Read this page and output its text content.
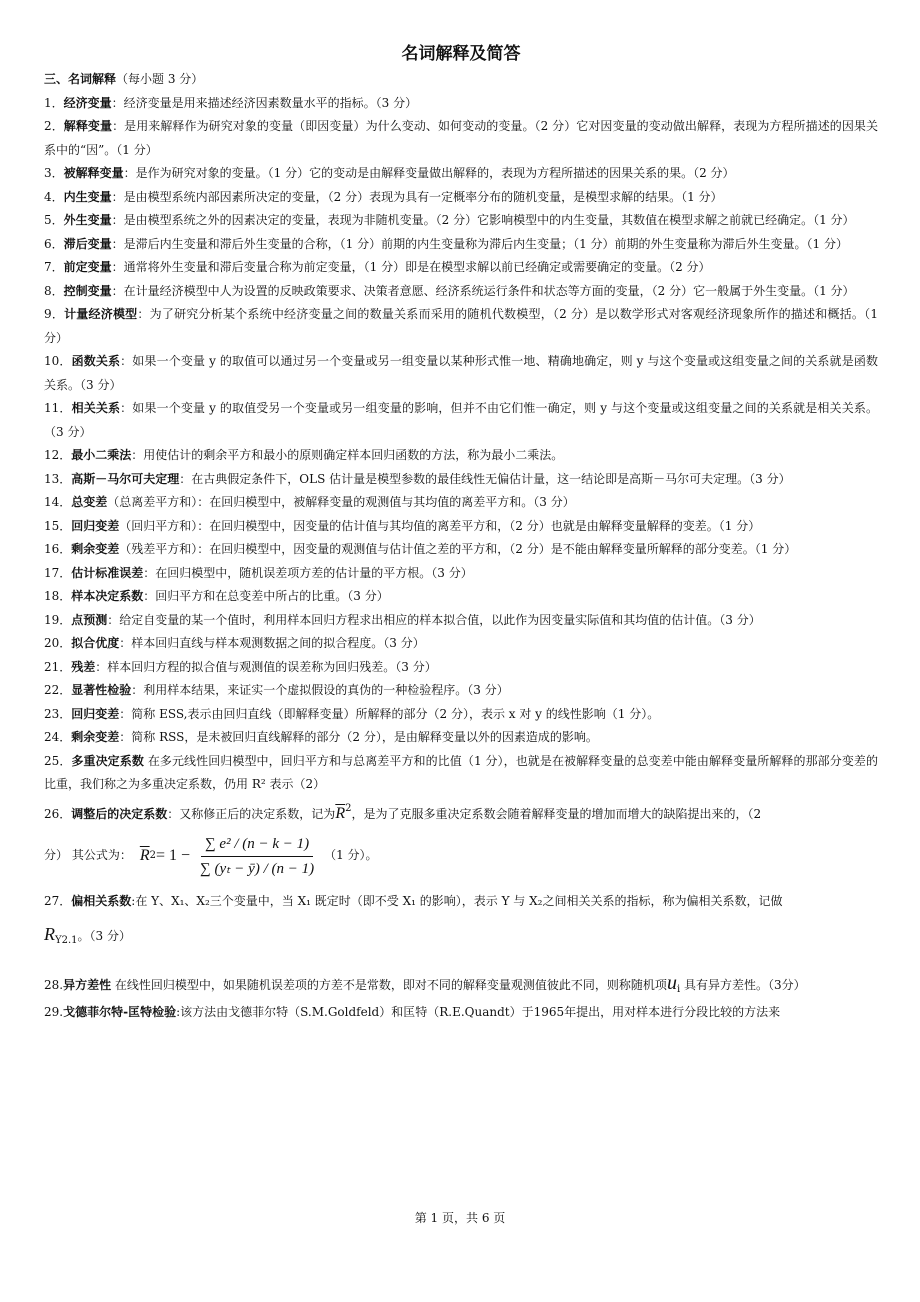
名词解释及简答
三、名词解释（每小题 3 分）
1．经济变量：经济变量是用来描述经济因素数量水平的指标。（3 分）
2．解释变量：是用来解释作为研究对象的变量（即因变量）为什么变动、如何变动的变量。（2 分）它对因变量的变动做出解释，表现为方程所描述的因果关系中的“因”。（1 分）
3．被解释变量：是作为研究对象的变量。（1 分）它的变动是由解释变量做出解释的，表现为方程所描述的因果关系的果。（2 分）
4．内生变量：是由模型系统内部因素所决定的变量，（2 分）表现为具有一定概率分布的随机变量，是模型求解的结果。（1 分）
5．外生变量：是由模型系统之外的因素决定的变量，表现为非随机变量。（2 分）它影响模型中的内生变量，其数值在模型求解之前就已经确定。（1 分）
6．滞后变量：是滞后内生变量和滞后外生变量的合称，（1 分）前期的内生变量称为滞后内生变量；（1 分）前期的外生变量称为滞后外生变量。（1 分）
7．前定变量：通常将外生变量和滞后变量合称为前定变量，（1 分）即是在模型求解以前已经确定或需要确定的变量。（2 分）
8．控制变量：在计量经济模型中人为设置的反映政策要求、决策者意愿、经济系统运行条件和状态等方面的变量，（2 分）它一般属于外生变量。（1 分）
9．计量经济模型：为了研究分析某个系统中经济变量之间的数量关系而采用的随机代数模型，（2 分）是以数学形式对客观经济现象所作的描述和概括。（1 分）
10．函数关系：如果一个变量 y 的取值可以通过另一个变量或另一组变量以某种形式惟一地、精确地确定，则 y 与这个变量或这组变量之间的关系就是函数关系。（3 分）
11．相关关系：如果一个变量 y 的取值受另一个变量或另一组变量的影响，但并不由它们惟一确定，则 y 与这个变量或这组变量之间的关系就是相关关系。（3 分）
12．最小二乘法：用使估计的剩余平方和最小的原则确定样本回归函数的方法，称为最小二乘法。
13．高斯－马尔可夫定理：在古典假定条件下，OLS 估计量是模型参数的最佳线性无偏估计量，这一结论即是高斯－马尔可夫定理。（3 分）
14．总变差（总离差平方和）：在回归模型中，被解释变量的观测值与其均值的离差平方和。（3 分）
15．回归变差（回归平方和）：在回归模型中，因变量的估计值与其均值的离差平方和，（2 分）也就是由解释变量解释的变差。（1 分）
16．剩余变差（残差平方和）：在回归模型中，因变量的观测值与估计值之差的平方和，（2 分）是不能由解释变量所解释的部分变差。（1 分）
17．估计标准误差：在回归模型中，随机误差项方差的估计量的平方根。（3 分）
18．样本决定系数：回归平方和在总变差中所占的比重。（3 分）
19．点预测：给定自变量的某一个值时，利用样本回归方程求出相应的样本拟合值，以此作为因变量实际值和其均值的估计值。（3 分）
20．拟合优度：样本回归直线与样本观测数据之间的拟合程度。（3 分）
21．残差：样本回归方程的拟合值与观测值的误差称为回归残差。（3 分）
22．显著性检验：利用样本结果，来证实一个虚拟假设的真伪的一种检验程序。（3 分）
23．回归变差：简称 ESS,表示由回归直线（即解释变量）所解释的部分（2 分），表示 x 对 y 的线性影响（1 分）。
24．剩余变差：简称 RSS，是未被回归直线解释的部分（2 分），是由解释变量以外的因素造成的影响。
25．多重决定系数 在多元线性回归模型中，回归平方和与总离差平方和的比值（1 分），也就是在被解释变量的总变差中能由解释变量所解释的那部分变差的比重，我们称之为多重决定系数，仍用 R² 表示（2）
26．调整后的决定系数：又称修正后的决定系数，记为$\overline{R}^2$，是为了克服多重决定系数会随着解释变量的增加而增大的缺陷提出来的，（2
分） 其公式为： $\overline{R}$ $2 = 1 - \frac{\text{∑ e² / (n − k − 1)}}{\text{∑ (yₜ − ȳ) / (n − 1)}} (1$ 分）。
27．偏相关系数:在 Y、X₁、X₂三个变量中，当 X₁ 既定时（即不受 X₁ 的影响），表示 Y 与 X₂之间相关关系的指标，称为偏相关系数，记做
$R_{Y2.1}$。（3 分）
28.异方差性 在线性回归模型中，如果随机误差项的方差不是常数，即对不同的解释变量观测值彼此不同，则称随机项$u_i$ 具有异方差性。（3分）
29.戈德菲尔特-匡特检验:该方法由戈德菲尔特（S.M.Goldfeld）和匡特（R.E.Quandt）于1965年提出，用对样本进行分段比较的方法来
第 1 页，共 6 页
